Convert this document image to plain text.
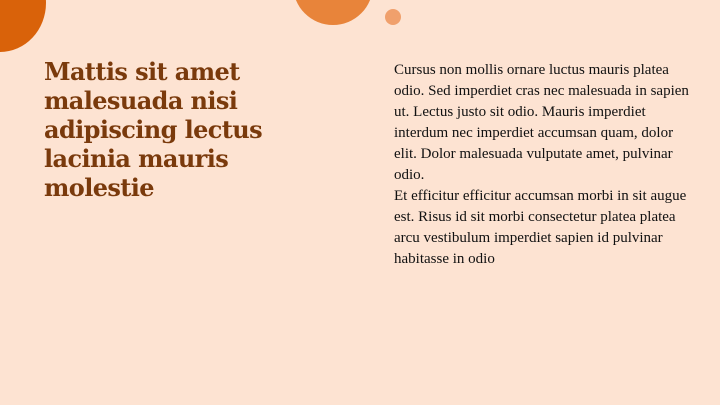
Mattis sit amet malesuada nisi adipiscing lectus lacinia mauris molestie

Cursus non mollis ornare luctus mauris platea odio. Sed imperdiet cras nec malesuada in sapien ut. Lectus justo sit odio. Mauris imperdiet interdum nec imperdiet accumsan quam, dolor elit. Dolor malesuada vulputate amet, pulvinar odio.

Et efficitur efficitur accumsan morbi in sit augue est. Risus id sit morbi consectetur platea platea arcu vestibulum imperdiet sapien id pulvinar habitasse in odio
